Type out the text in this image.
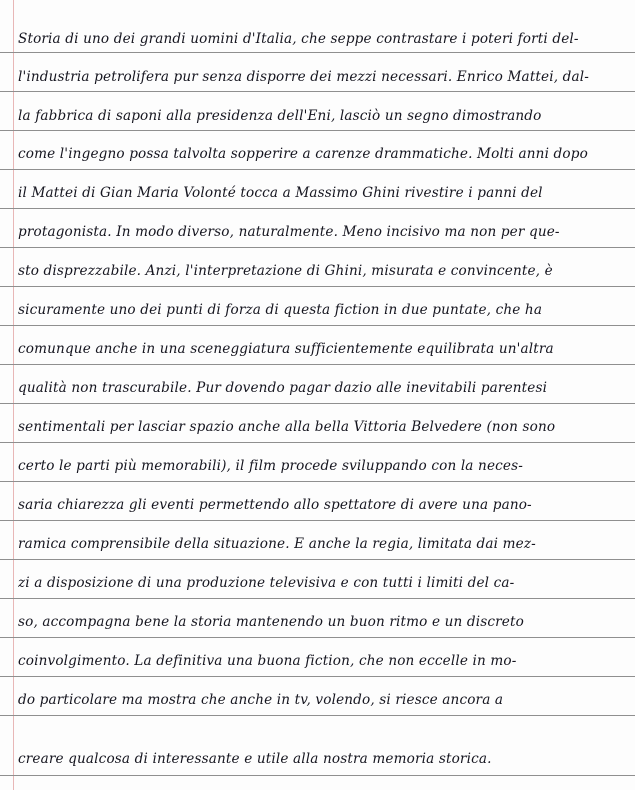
Storia di uno dei grandi uomini d'Italia, che seppe contrastare i poteri forti del-
l'industria petrolifera pur senza disporre dei mezzi necessari. Enrico Mattei, dal-
la fabbrica di saponi alla presidenza dell'Eni, lasciò un segno dimostrando
come l'ingegno possa talvolta sopperire a carenze drammatiche. Molti anni dopo
il Mattei di Gian Maria Volonté tocca a Massimo Ghini rivestire i panni del
protagonista. In modo diverso, naturalmente. Meno incisivo ma non per que-
sto disprezzabile. Anzi, l'interpretazione di Ghini, misurata e convincente, è
sicuramente uno dei punti di forza di questa fiction in due puntate, che ha
comunque anche in una sceneggiatura sufficientemente equilibrata un'altra
qualità non trascurabile. Pur dovendo pagar dazio alle inevitabili parentesi
sentimentali per lasciar spazio anche alla bella Vittoria Belvedere (non sono
certo le parti più memorabili), il film procede sviluppando con la neces-
saria chiarezza gli eventi permettendo allo spettatore di avere una pano-
ramica comprensibile della situazione. E anche la regia, limitata dai mez-
zi a disposizione di una produzione televisiva e con tutti i limiti del ca-
so, accompagna bene la storia mantenendo un buon ritmo e un discreto
coinvolgimento. La definitiva una buona fiction, che non eccelle in mo-
do particolare ma mostra che anche in tv, volendo, si riesce ancora a
creare qualcosa di interessante e utile alla nostra memoria storica.
